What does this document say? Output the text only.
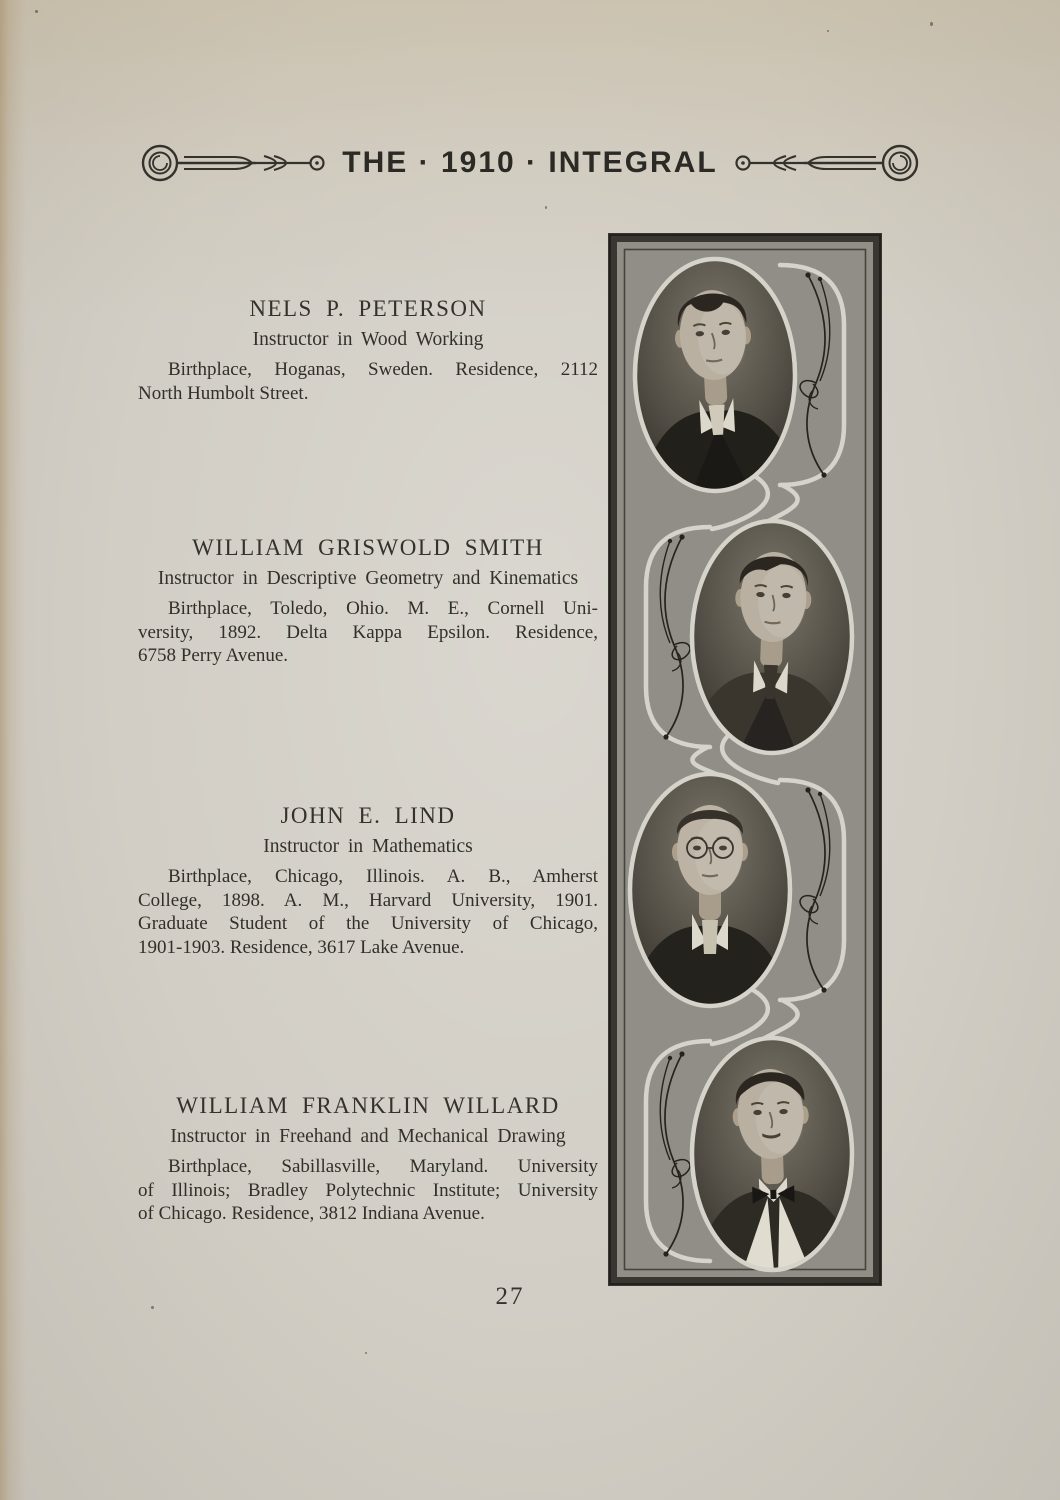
THE · 1910 · INTEGRAL
NELS P. PETERSON
Instructor in Wood Working
Birthplace, Hoganas, Sweden. Residence, 2112
North Humbolt Street.
WILLIAM GRISWOLD SMITH
Instructor in Descriptive Geometry and Kinematics
Birthplace, Toledo, Ohio. M. E., Cornell Uni-
versity, 1892. Delta Kappa Epsilon. Residence,
6758 Perry Avenue.
JOHN E. LIND
Instructor in Mathematics
Birthplace, Chicago, Illinois. A. B., Amherst
College, 1898. A. M., Harvard University, 1901.
Graduate Student of the University of Chicago,
1901-1903. Residence, 3617 Lake Avenue.
WILLIAM FRANKLIN WILLARD
Instructor in Freehand and Mechanical Drawing
Birthplace, Sabillasville, Maryland. University
of Illinois; Bradley Polytechnic Institute; University
of Chicago. Residence, 3812 Indiana Avenue.
27
